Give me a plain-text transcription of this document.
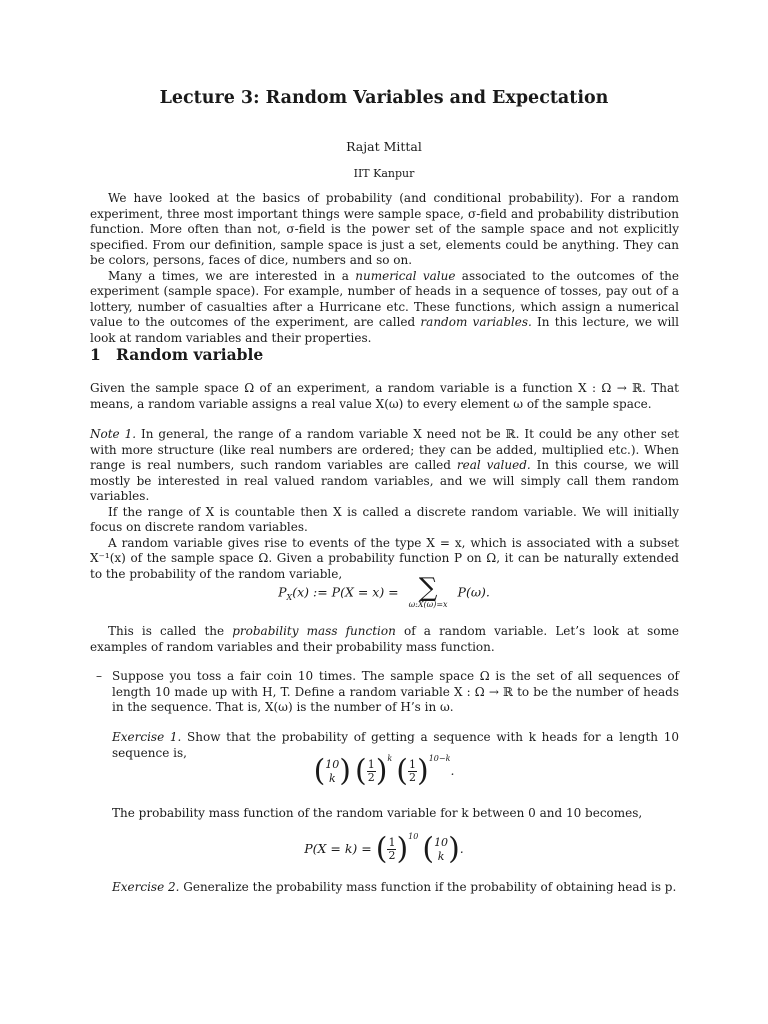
Lecture 3: Random Variables and Expectation
Rajat Mittal
IIT Kanpur

We have looked at the basics of probability (and conditional probability). For a random experiment, three most important things were sample space, σ-field and probability distribution function. More often than not, σ-field is the power set of the sample space and not explicitly specified. From our definition, sample space is just a set, elements could be anything. They can be colors, persons, faces of dice, numbers and so on.

Many a times, we are interested in a numerical value associated to the outcomes of the experiment (sample space). For example, number of heads in a sequence of tosses, pay out of a lottery, number of casualties after a Hurricane etc. These functions, which assign a numerical value to the outcomes of the experiment, are called random variables. In this lecture, we will look at random variables and their properties.

1 Random variable
Given the sample space Ω of an experiment, a random variable is a function X : Ω → ℝ. That means, a random variable assigns a real value X(ω) to every element ω of the sample space.

Note 1. In general, the range of a random variable X need not be ℝ. It could be any other set with more structure (like real numbers are ordered; they can be added, multiplied etc.). When range is real numbers, such random variables are called real valued. In this course, we will mostly be interested in real valued random variables, and we will simply call them random variables.

If the range of X is countable then X is called a discrete random variable. We will initially focus on discrete random variables.

A random variable gives rise to events of the type X = x, which is associated with a subset X⁻¹(x) of the sample space Ω. Given a probability function P on Ω, it can be naturally extended to the probability of the random variable,

$P_X(x)$ := P(X = x) = ∑
ω:X(ω)=x
P(ω).

This is called the probability mass function of a random variable. Let’s look at some examples of random variables and their probability mass function.

– Suppose you toss a fair coin 10 times. The sample space Ω is the set of all sequences of length 10 made up with H, T. Define a random variable X : Ω → ℝ to be the number of heads in the sequence. That is, X(ω) is the number of H’s in ω.
Exercise 1. Show that the probability of getting a sequence with k heads for a length 10 sequence is,
( 10
k ) ( $\frac{1}{2} )^k$ ( $\frac{1}{2} )^{10-k}$.
The probability mass function of the random variable for k between 0 and 10 becomes,
P(X = k) = ( $\frac{1}{2} )^{10}$ ( 10
k ).
Exercise 2. Generalize the probability mass function if the probability of obtaining head is p.
